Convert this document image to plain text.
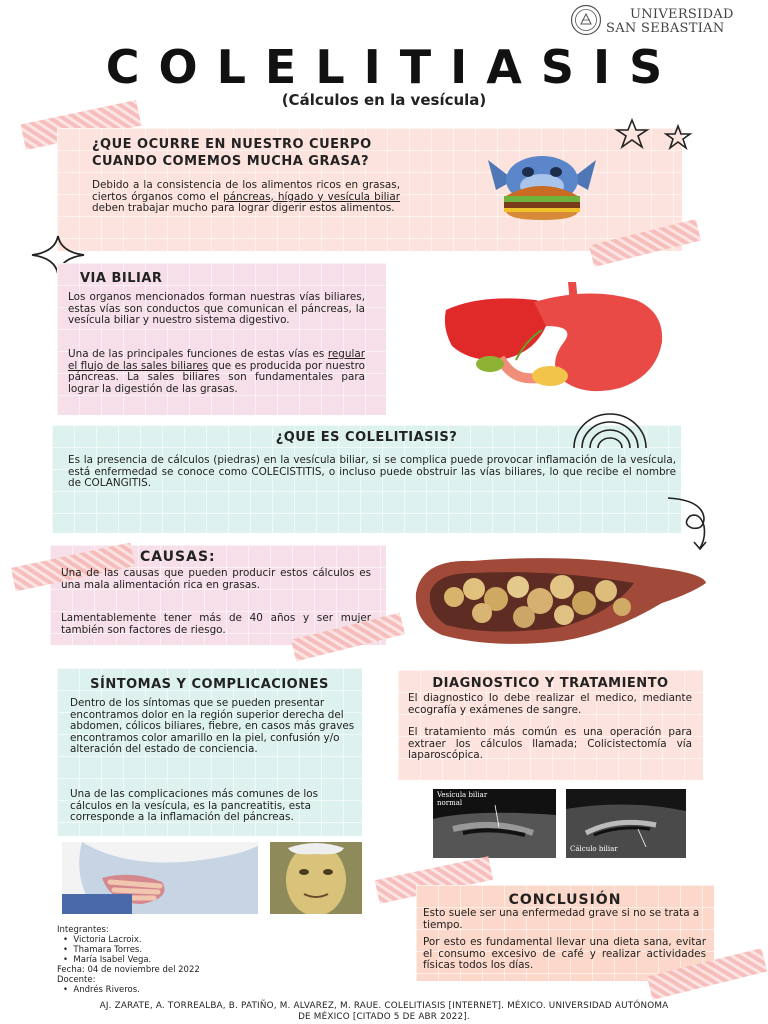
UNIVERSIDAD
SAN SEBASTIAN
COLELITIASIS
(Cálculos en la vesícula)
¿QUE OCURRE EN NUESTRO CUERPO
CUANDO COMEMOS MUCHA GRASA?

Debido a la consistencia de los alimentos ricos en grasas, ciertos órganos como el páncreas, hígado y vesícula biliar deben trabajar mucho para lograr digerir estos alimentos.

VIA BILIAR

Los organos mencionados forman nuestras vías biliares, estas vías son conductos que comunican el páncreas, la vesícula biliar y nuestro sistema digestivo.

Una de las principales funciones de estas vías es regular el flujo de las sales biliares que es producida por nuestro páncreas. La sales biliares son fundamentales para lograr la digestión de las grasas.

¿QUE ES COLELITIASIS?

Es la presencia de cálculos (piedras) en la vesícula biliar, si se complica puede provocar inflamación de la vesícula, está enfermedad se conoce como COLECISTITIS, o incluso puede obstruir las vías biliares, lo que recibe el nombre de COLANGITIS.

CAUSAS:

Una de las causas que pueden producir estos cálculos es una mala alimentación rica en grasas.

Lamentablemente tener más de 40 años y ser mujer también son factores de riesgo.

SÍNTOMAS Y COMPLICACIONES

Dentro de los síntomas que se pueden presentar encontramos dolor en la región superior derecha del abdomen, cólicos biliares, fiebre, en casos más graves encontramos color amarillo en la piel, confusión y/o alteración del estado de conciencia.

Una de las complicaciones más comunes de los cálculos en la vesícula, es la pancreatitis, esta corresponde a la inflamación del páncreas.

DIAGNOSTICO Y TRATAMIENTO

El diagnostico lo debe realizar el medico, mediante ecografía y exámenes de sangre.

El tratamiento más común es una operación para extraer los cálculos llamada; Colicistectomía vía laparoscópica.

Vesícula biliar
normal
Cálculo biliar
CONCLUSIÓN

Esto suele ser una enfermedad grave si no se trata a tiempo.

Por esto es fundamental llevar una dieta sana, evitar el consumo excesivo de café y realizar actividades físicas todos los días.

Integrantes:
•  Victoria Lacroix.
•  Thamara Torres.
•  María Isabel Vega.
Fecha: 04 de noviembre del 2022
Docente:
•  Andrés Riveros.
AJ. ZARATE, A. TORREALBA, B. PATIÑO, M. ALVAREZ, M. RAUE. COLELITIASIS [INTERNET]. MÉXICO. UNIVERSIDAD AUTÓNOMA
DE MÉXICO [CITADO 5 DE ABR 2022].
